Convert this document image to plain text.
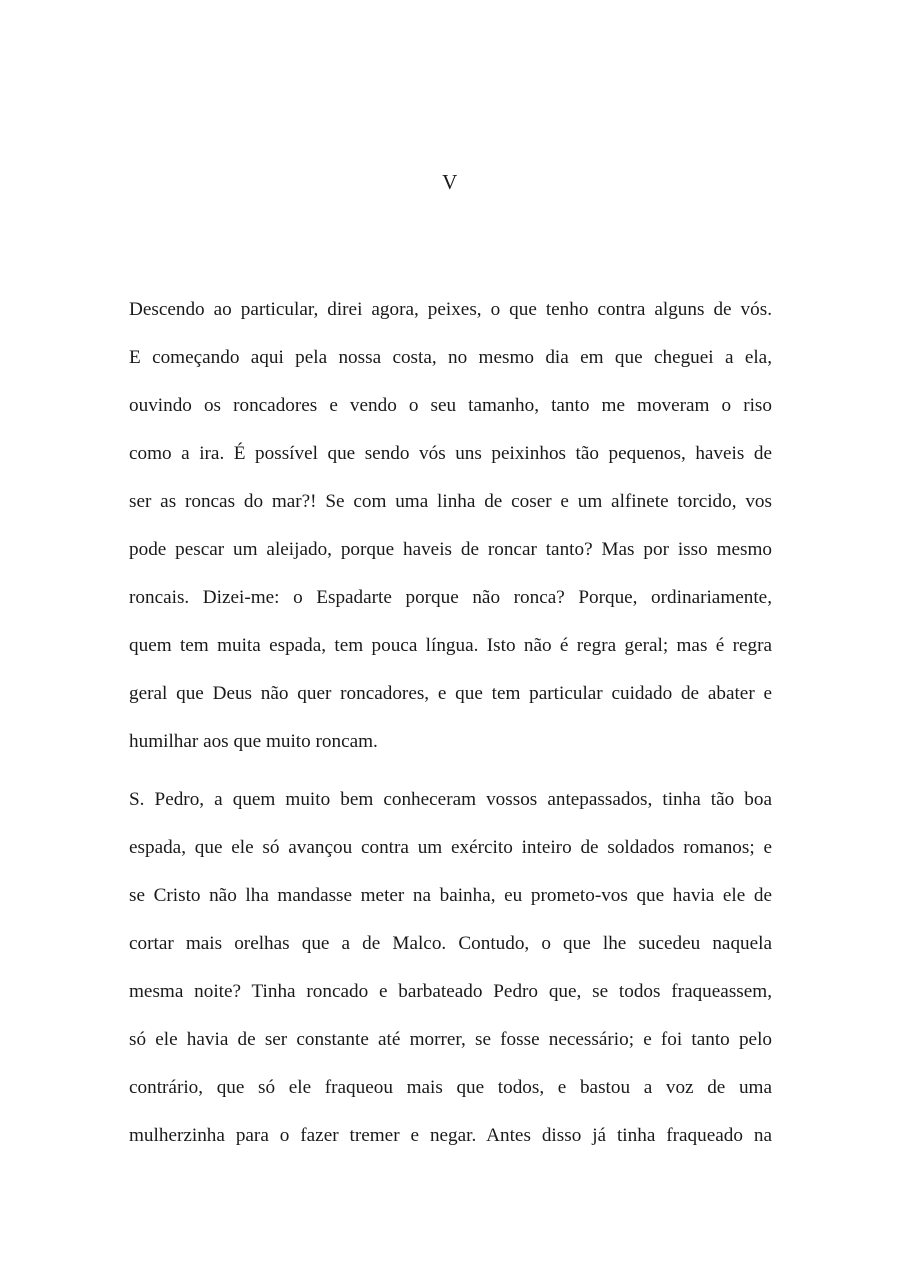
V

Descendo ao particular, direi agora, peixes, o que tenho contra alguns de vós.
E começando aqui pela nossa costa, no mesmo dia em que cheguei a ela,
ouvindo os roncadores e vendo o seu tamanho, tanto me moveram o riso
como a ira. É possível que sendo vós uns peixinhos tão pequenos, haveis de
ser as roncas do mar?! Se com uma linha de coser e um alfinete torcido, vos
pode pescar um aleijado, porque haveis de roncar tanto? Mas por isso mesmo
roncais. Dizei-me: o Espadarte porque não ronca? Porque, ordinariamente,
quem tem muita espada, tem pouca língua. Isto não é regra geral; mas é regra
geral que Deus não quer roncadores, e que tem particular cuidado de abater e
humilhar aos que muito roncam.

S. Pedro, a quem muito bem conheceram vossos antepassados, tinha tão boa
espada, que ele só avançou contra um exército inteiro de soldados romanos; e
se Cristo não lha mandasse meter na bainha, eu prometo-vos que havia ele de
cortar mais orelhas que a de Malco. Contudo, o que lhe sucedeu naquela
mesma noite? Tinha roncado e barbateado Pedro que, se todos fraqueassem,
só ele havia de ser constante até morrer, se fosse necessário; e foi tanto pelo
contrário, que só ele fraqueou mais que todos, e bastou a voz de uma
mulherzinha para o fazer tremer e negar. Antes disso já tinha fraqueado na
